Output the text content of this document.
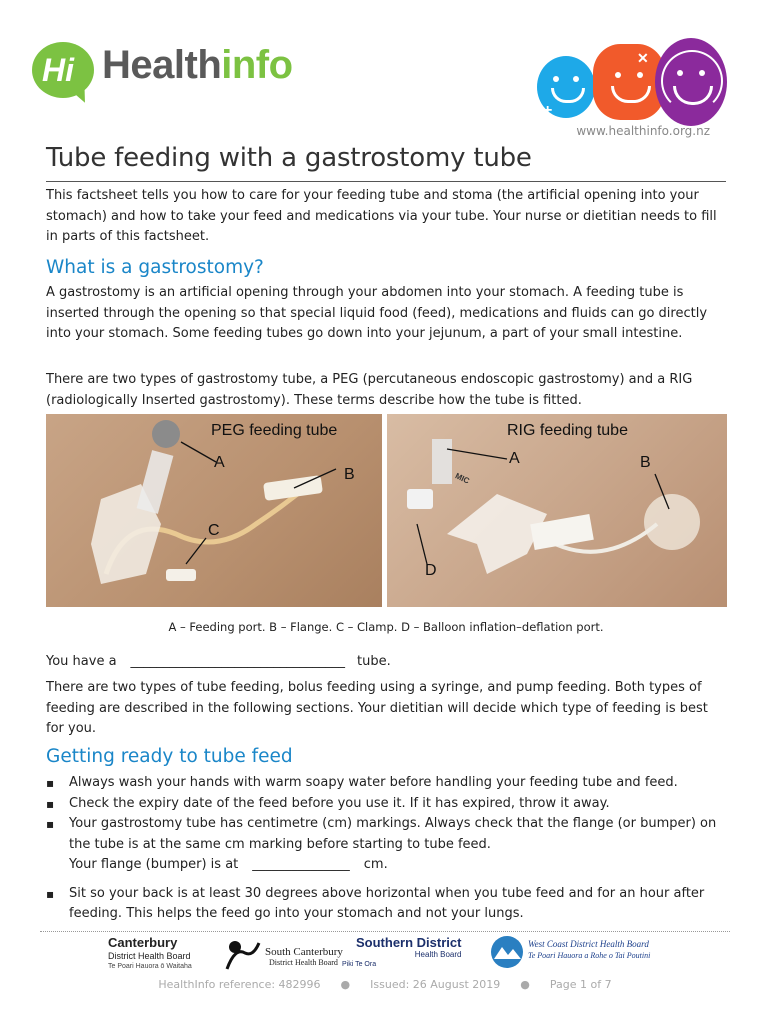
Hi Healthinfo
+
✕
www.healthinfo.org.nz
Tube feeding with a gastrostomy tube

This factsheet tells you how to care for your feeding tube and stoma (the artificial opening into your stomach) and how to take your feed and medications via your tube. Your nurse or dietitian needs to fill in parts of this factsheet.

What is a gastrostomy?

A gastrostomy is an artificial opening through your abdomen into your stomach. A feeding tube is inserted through the opening so that special liquid food (feed), medications and fluids can go directly into your stomach. Some feeding tubes go down into your jejunum, a part of your small intestine.

There are two types of gastrostomy tube, a PEG (percutaneous endoscopic gastrostomy) and a RIG (radiologically Inserted gastrostomy). These terms describe how the tube is fitted.

PEG feeding tube
A
B
C
RIG feeding tube
A	B
D
MIC
A – Feeding port. B – Flange. C – Clamp. D – Balloon inflation–deflation port.

You have a _________________________________ tube.

There are two types of tube feeding, bolus feeding using a syringe, and pump feeding. Both types of feeding are described in the following sections. Your dietitian will decide which type of feeding is best for you.

Getting ready to tube feed
▪ Always wash your hands with warm soapy water before handling your feeding tube and feed.
▪ Check the expiry date of the feed before you use it. If it has expired, throw it away.
▪ Your gastrostomy tube has centimetre (cm) markings. Always check that the flange (or bumper) on the tube is at the same cm marking before starting to tube feed.
Your flange (bumper) is at _______________ cm.
▪ Sit so your back is at least 30 degrees above horizontal when you tube feed and for an hour after feeding. This helps the feed go into your stomach and not your lungs.
Canterbury
District Health Board
Te Poari Hauora ō Waitaha
South Canterbury
District Health Board
Southern District
Health Board
Piki Te Ora
West Coast District Health Board
Te Poari Hauora a Rohe o Tai Poutini
HealthInfo reference: 482996 ● Issued: 26 August 2019 ● Page 1 of 7
